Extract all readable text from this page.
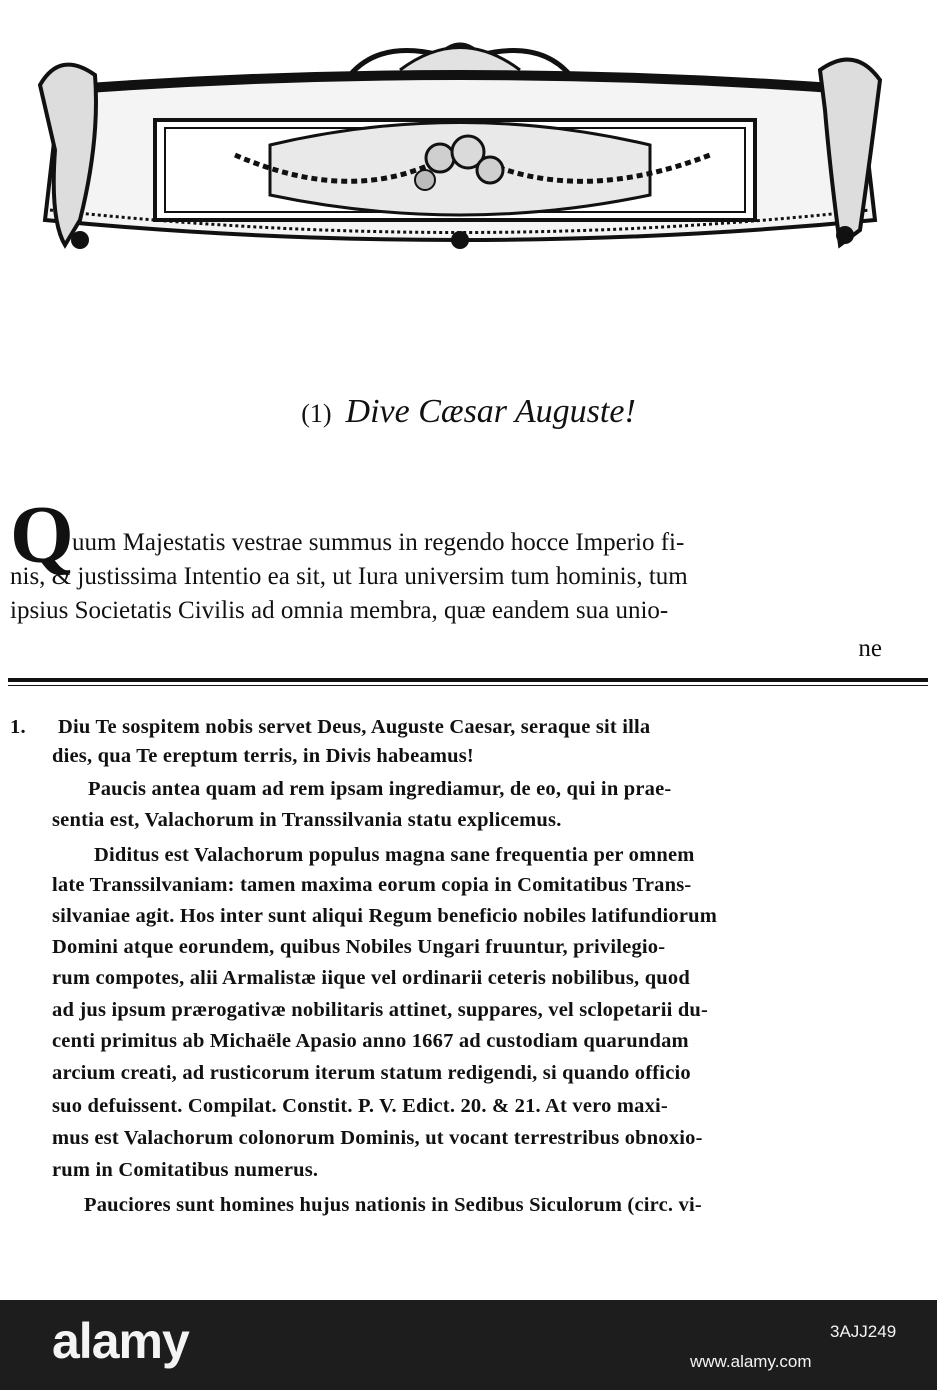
(1) Dive Cæsar Auguste!
Q
uum Majestatis vestrae summus in regendo hocce Imperio fi-
nis, & justissima Intentio ea sit, ut Iura universim tum hominis, tum
ipsius Societatis Civilis ad omnia membra, quæ eandem sua unio-
ne
1. Diu Te sospitem nobis servet Deus, Auguste Caesar, seraque sit illa
dies, qua Te ereptum terris, in Divis habeamus!
Paucis antea quam ad rem ipsam ingrediamur, de eo, qui in prae-
sentia est, Valachorum in Transsilvania statu explicemus.
Diditus est Valachorum populus magna sane frequentia per omnem
late Transsilvaniam: tamen maxima eorum copia in Comitatibus Trans-
silvaniae agit. Hos inter sunt aliqui Regum beneficio nobiles latifundiorum
Domini atque eorundem, quibus Nobiles Ungari fruuntur, privilegio-
rum compotes, alii Armalistæ iique vel ordinarii ceteris nobilibus, quod
ad jus ipsum prærogativæ nobilitaris attinet, suppares, vel sclopetarii du-
centi primitus ab Michaële Apasio anno 1667 ad custodiam quarundam
arcium creati, ad rusticorum iterum statum redigendi, si quando officio
suo defuissent. Compilat. Constit. P. V. Edict. 20. & 21. At vero maxi-
mus est Valachorum colonorum Dominis, ut vocant terrestribus obnoxio-
rum in Comitatibus numerus.
Pauciores sunt homines hujus nationis in Sedibus Siculorum (circ. vi-
alamy	3AJJ249
www.alamy.com
